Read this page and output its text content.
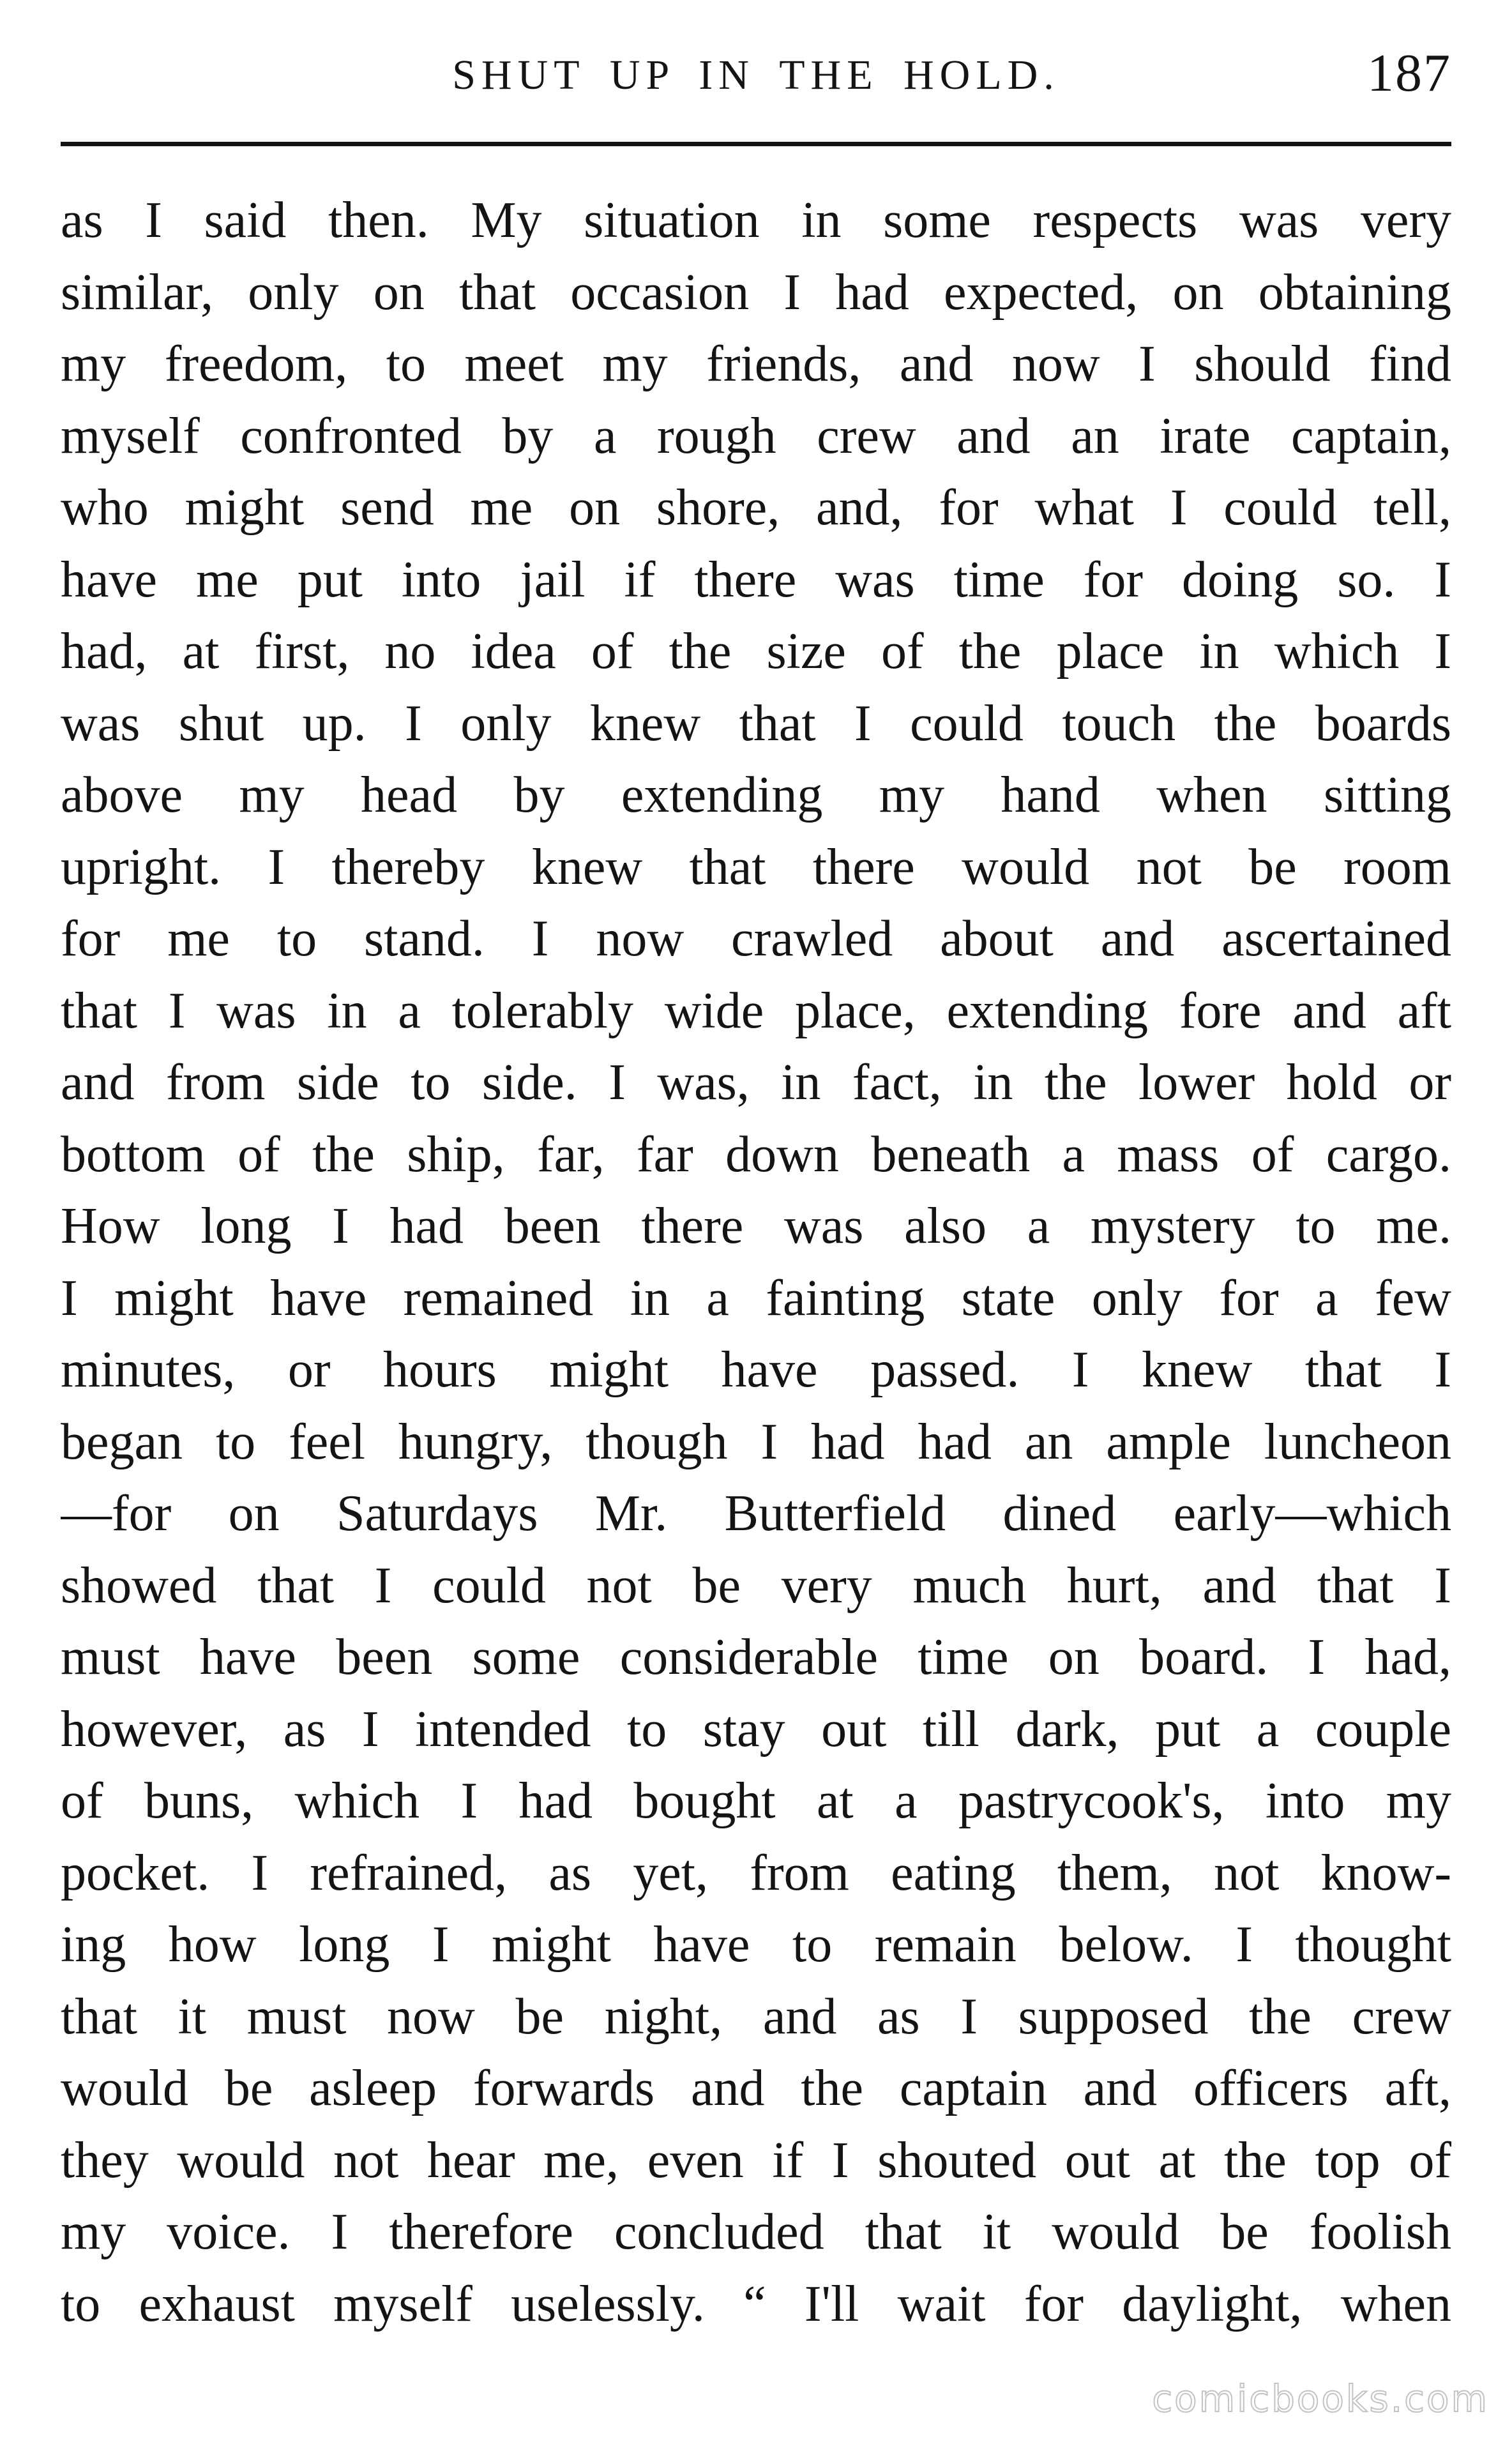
SHUT UP IN THE HOLD.	187
as I said then. My situation in some respects was very
similar, only on that occasion I had expected, on obtaining
my freedom, to meet my friends, and now I should find
myself confronted by a rough crew and an irate captain,
who might send me on shore, and, for what I could tell,
have me put into jail if there was time for doing so. I
had, at first, no idea of the size of the place in which I
was shut up. I only knew that I could touch the boards
above my head by extending my hand when sitting
upright. I thereby knew that there would not be room
for me to stand. I now crawled about and ascertained
that I was in a tolerably wide place, extending fore and aft
and from side to side. I was, in fact, in the lower hold or
bottom of the ship, far, far down beneath a mass of cargo.
How long I had been there was also a mystery to me.
I might have remained in a fainting state only for a few
minutes, or hours might have passed. I knew that I
began to feel hungry, though I had had an ample luncheon
—for on Saturdays Mr. Butterfield dined early—which
showed that I could not be very much hurt, and that I
must have been some considerable time on board. I had,
however, as I intended to stay out till dark, put a couple
of buns, which I had bought at a pastrycook's, into my
pocket. I refrained, as yet, from eating them, not know-
ing how long I might have to remain below. I thought
that it must now be night, and as I supposed the crew
would be asleep forwards and the captain and officers aft,
they would not hear me, even if I shouted out at the top of
my voice. I therefore concluded that it would be foolish
to exhaust myself uselessly. “ I'll wait for daylight, when
comicbooks.com
